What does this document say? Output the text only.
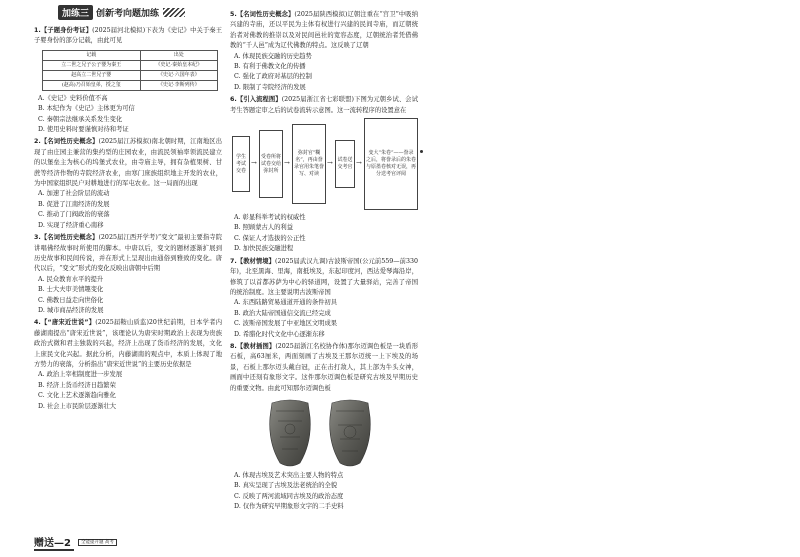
加练三 创新考向题加练

1.【子题身份考证】(2025届河北模拟)下表为《史记》中关于秦王子婴身份的部分记载，由此可见

记载	出处
立二世之兄子公子婴为秦王	《史记·秦始皇本纪》
赵高立二世兄子婴	《史记·六国年表》
(赵高)乃召始皇弟，授之玺	《史记·李斯列传》
A.《史记》史料价值不高
B. 本纪作为《史记》主体更为可信
C. 秦朝宗法继承关系发生变化
D. 使用史料时要谨慎对待和考证

2.【名词性历史概念】(2025届江苏模拟)南北朝时期，江南地区出现了由庄园主兼营的集约型的庄园农业，由流民领袖率领流民建立的以堡垒主为核心的坞堡式农业，由寺庙主导，拥有杂植果树、甘蔗等经济作物的寺院经济农业，由寒门庶族组织地主开发的农业，为中国家组织民户对耕地进行的军屯农业。这一局面的出现

A. 加速了社会阶层的流动
B. 促进了江南经济的发展
C. 推动了门阀政治的衰落
D. 实现了经济重心南移

3.【名词性历史概念】(2025届江西开学考)“变文”最初主要指寺院讲唱佛经故事时所使用的脚本。中唐以后，变文的题材逐渐扩展到历史故事和民间传说，并在形式上呈现出由通俗到雅致的变化。唐代以后，“变文”形式的变化反映出唐朝中后期

A. 民众教育水平的提升
B. 士大夫审美情趣变化
C. 佛教日益走向世俗化
D. 城市商品经济的发展

4.【“唐宋近世说”】(2025届鞍山质监)20世纪前期，日本学者内藤湖南提出“唐宋近世说”，该理论认为唐宋时期政治上表现为贵族政治式微和君主独裁的兴起，经济上出现了货币经济的发展，文化上庶民文化兴起。据此分析，内藤湖南的观点中，本质上体现了地方势力的衰落，分析指出“唐宋近世说”的主要历史依据是

A. 政治上宰相制度进一步发展
B. 经济上货币经济日趋繁荣
C. 文化上艺术逐渐趋向雅化
D. 社会上市民阶层逐渐壮大

5.【名词性历史概念】(2025届陕西模拟)辽朝注重在“宫卫”中吸纳兴建的寺庙，还以平民为主体有权进行兴建的民间寺庙，而辽朝统治者对佛教的推崇以及对民间邑社的宽容态度，辽朝统治者凭借佛教的“千人邑”成为辽代佛教的特点。这反映了辽朝

A. 体现民族交融的历史趋势
B. 有利于佛教文化的传播
C. 强化了政府对基层的控制
D. 限制了寺院经济的发展

6.【引入流程图】(2025届浙江省七彩联盟)下图为元朝乡试、会试考生答题定审之后的试卷流转示意图。这一流转程序的设置意在

学生考试交卷
→
受卷所将试卷交给弥封所
→
弥封官“糊名”，再由誊录官用朱笔誊写、对读
→ 试卷送交考官 →
变大“朱卷”——誊录之后，将誊录后的朱卷与原墨卷核对无误，再分送考官评阅
A. 彰显科举考试的权威性
B. 照顾蒙古人的利益
C. 保证人才选拔的公正性
D. 加快民族交融进程

7.【教材情境】(2025届武汉九调)古波斯帝国(公元前559—前330年)，北至黑海、里海，南抵埃及，东起印度河，西达爱琴海沿岸，修筑了以首都苏萨为中心的驿道网，设置了大量驿站，完善了帝国的统治制度。这主要说明古波斯帝国

A. 东西陆路贸易通道开通的条件初具
B. 政治大陆帝国通信交流已经完成
C. 波斯帝国发展了中亚地区文明成果
D. 希腊化时代文化中心逐渐东移

8.【教材插图】(2025届浙江名校协作体)那尔迈调色板是一块盾形石板，高63厘米，两面刻画了古埃及王那尔迈统一上下埃及的场景，石板上那尔迈头戴白冠，正在击打敌人，其上部为牛头女神，画面中还刻有象形文字。这件那尔迈调色板是研究古埃及早期历史的重要文物。由此可知那尔迈调色板

A. 体现古埃及艺术突出主要人物的特点
B. 真实呈现了古埃及法老统治的全貌
C. 反映了两河流域同古埃及的政治态度
D. 仅作为研究早期象形文字的二手史料
赠送—2	全能提升题 高考
